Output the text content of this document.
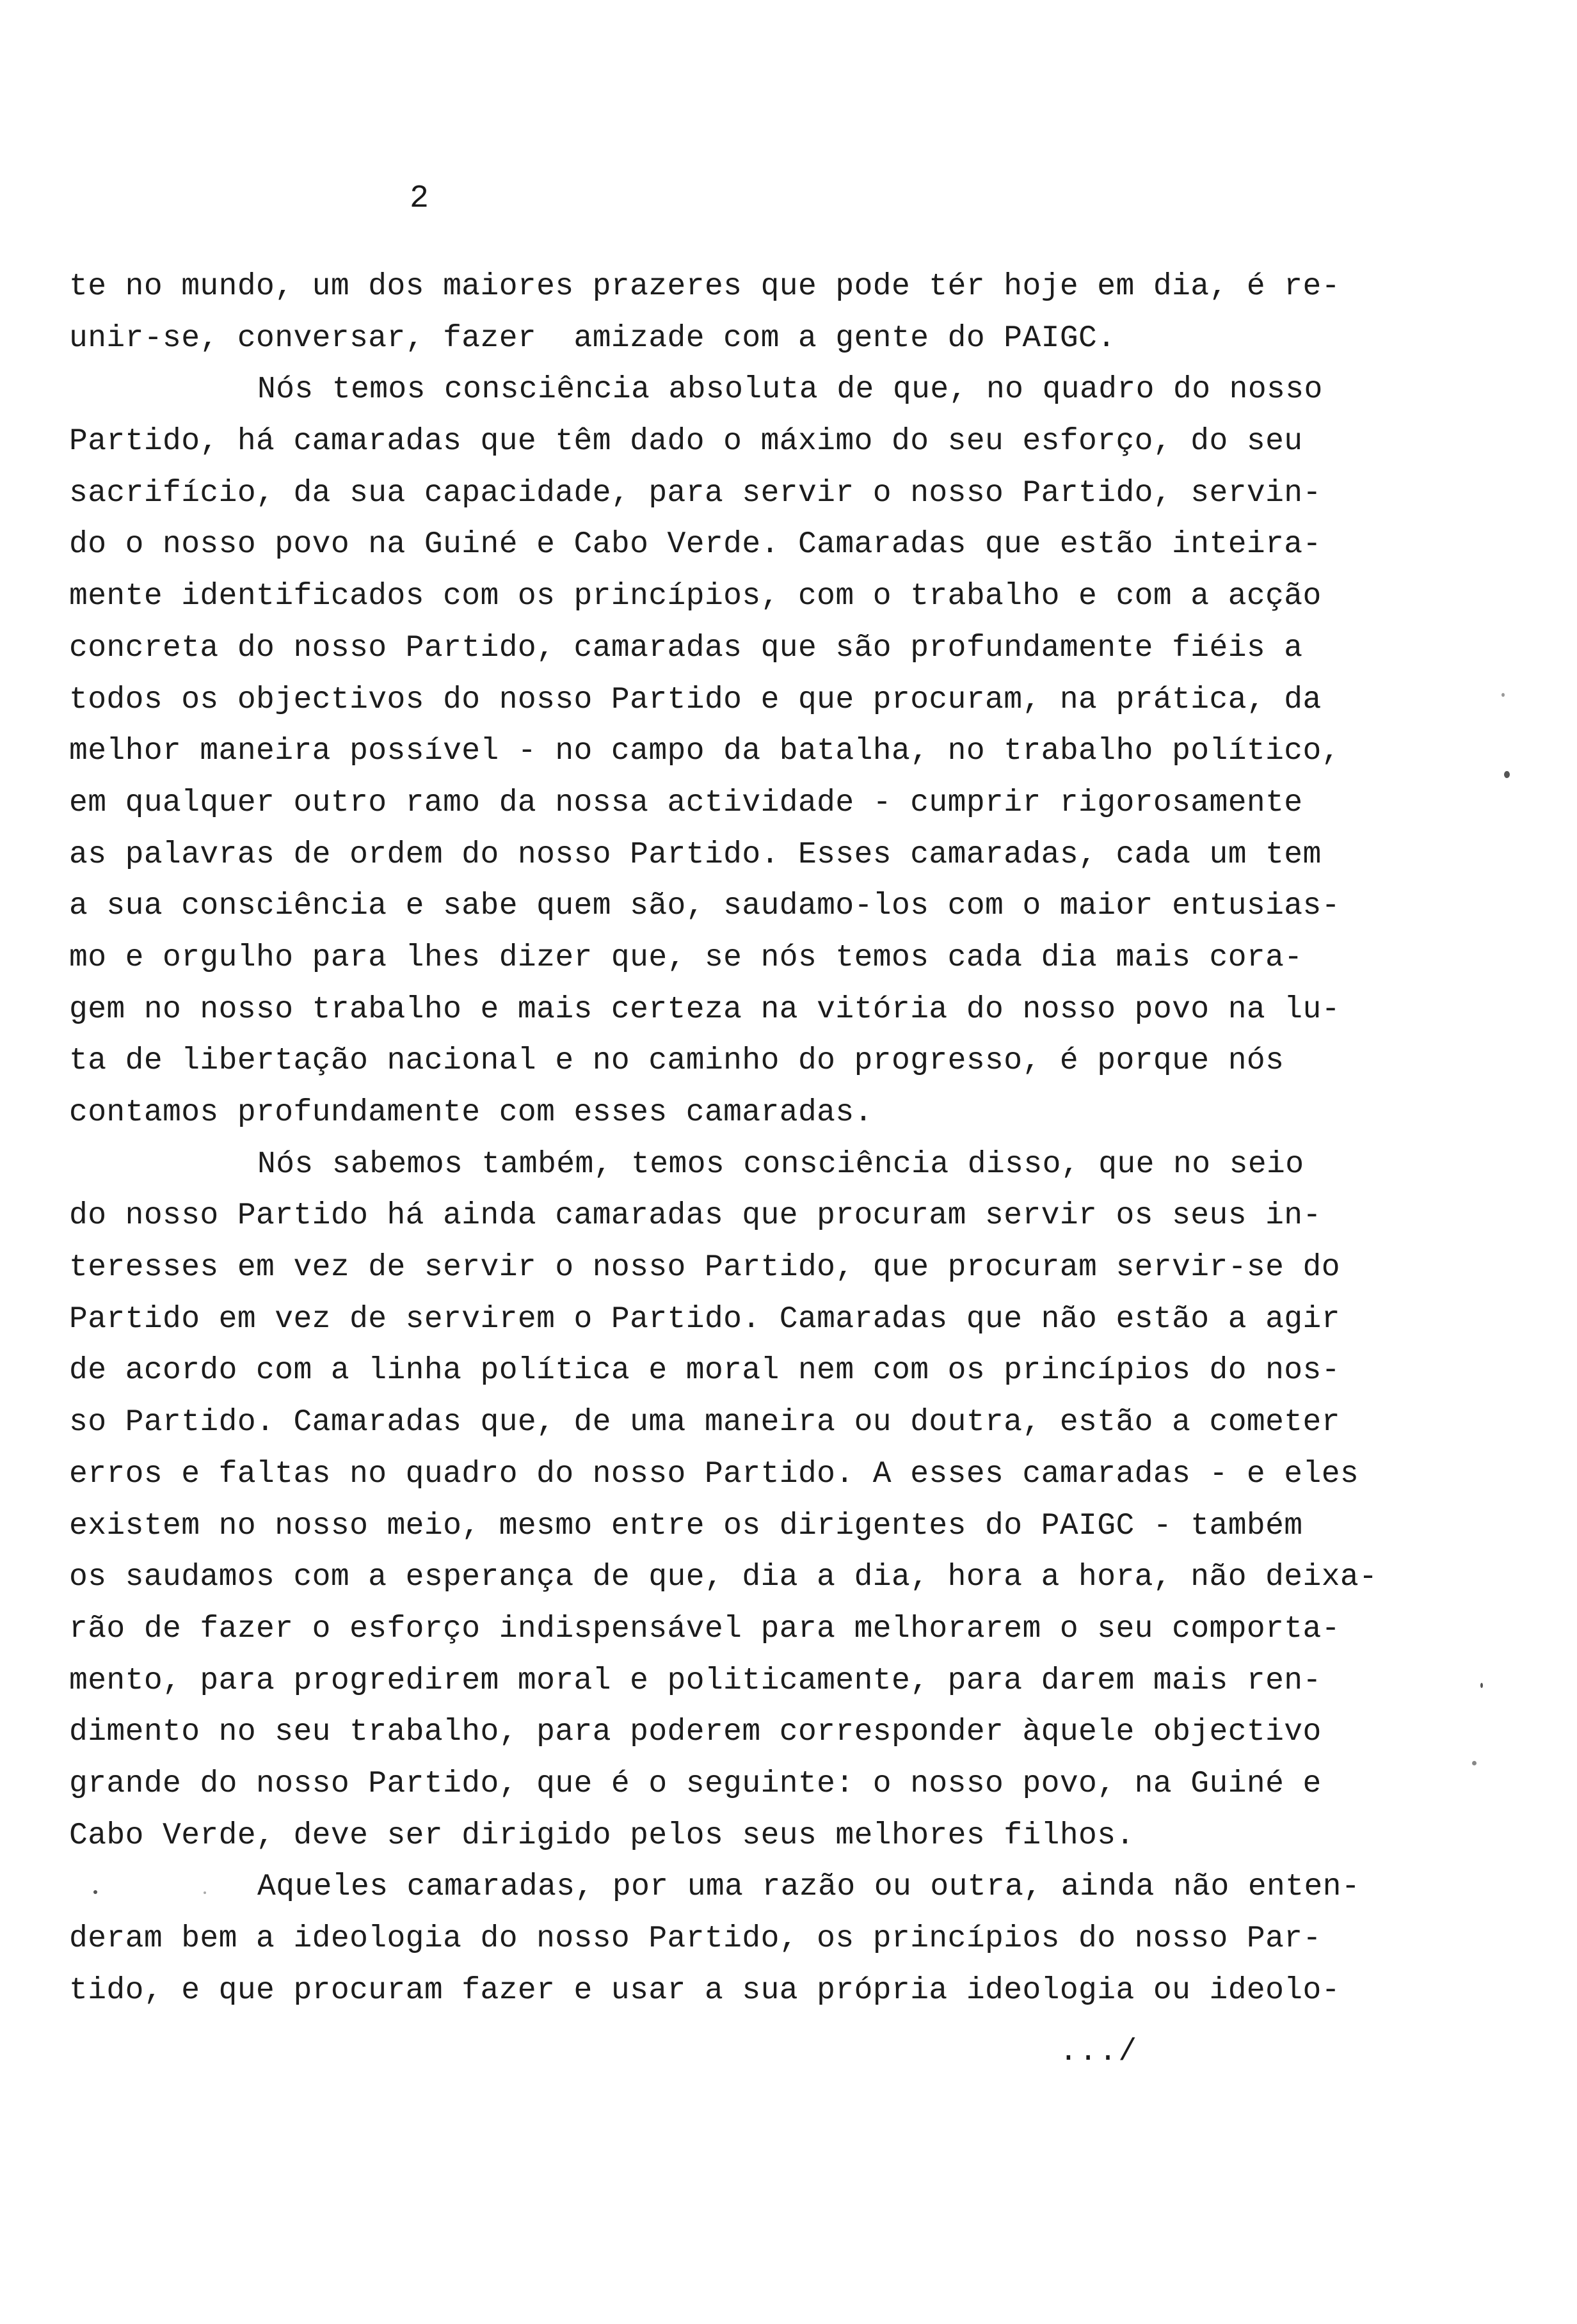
2
te no mundo, um dos maiores prazeres que pode tér hoje em dia, é re-
unir-se, conversar, fazer  amizade com a gente do PAIGC.
Nós temos consciência absoluta de que, no quadro do nosso
Partido, há camaradas que têm dado o máximo do seu esforço, do seu
sacrifício, da sua capacidade, para servir o nosso Partido, servin-
do o nosso povo na Guiné e Cabo Verde. Camaradas que estão inteira-
mente identificados com os princípios, com o trabalho e com a acção
concreta do nosso Partido, camaradas que são profundamente fiéis a
todos os objectivos do nosso Partido e que procuram, na prática, da
melhor maneira possível - no campo da batalha, no trabalho político,
em qualquer outro ramo da nossa actividade - cumprir rigorosamente
as palavras de ordem do nosso Partido. Esses camaradas, cada um tem
a sua consciência e sabe quem são, saudamo-los com o maior entusias-
mo e orgulho para lhes dizer que, se nós temos cada dia mais cora-
gem no nosso trabalho e mais certeza na vitória do nosso povo na lu-
ta de libertação nacional e no caminho do progresso, é porque nós
contamos profundamente com esses camaradas.
Nós sabemos também, temos consciência disso, que no seio
do nosso Partido há ainda camaradas que procuram servir os seus in-
teresses em vez de servir o nosso Partido, que procuram servir-se do
Partido em vez de servirem o Partido. Camaradas que não estão a agir
de acordo com a linha política e moral nem com os princípios do nos-
so Partido. Camaradas que, de uma maneira ou doutra, estão a cometer
erros e faltas no quadro do nosso Partido. A esses camaradas - e eles
existem no nosso meio, mesmo entre os dirigentes do PAIGC - também
os saudamos com a esperança de que, dia a dia, hora a hora, não deixa-
rão de fazer o esforço indispensável para melhorarem o seu comporta-
mento, para progredirem moral e politicamente, para darem mais ren-
dimento no seu trabalho, para poderem corresponder àquele objectivo
grande do nosso Partido, que é o seguinte: o nosso povo, na Guiné e
Cabo Verde, deve ser dirigido pelos seus melhores filhos.
Aqueles camaradas, por uma razão ou outra, ainda não enten-
deram bem a ideologia do nosso Partido, os princípios do nosso Par-
tido, e que procuram fazer e usar a sua própria ideologia ou ideolo-
.../
